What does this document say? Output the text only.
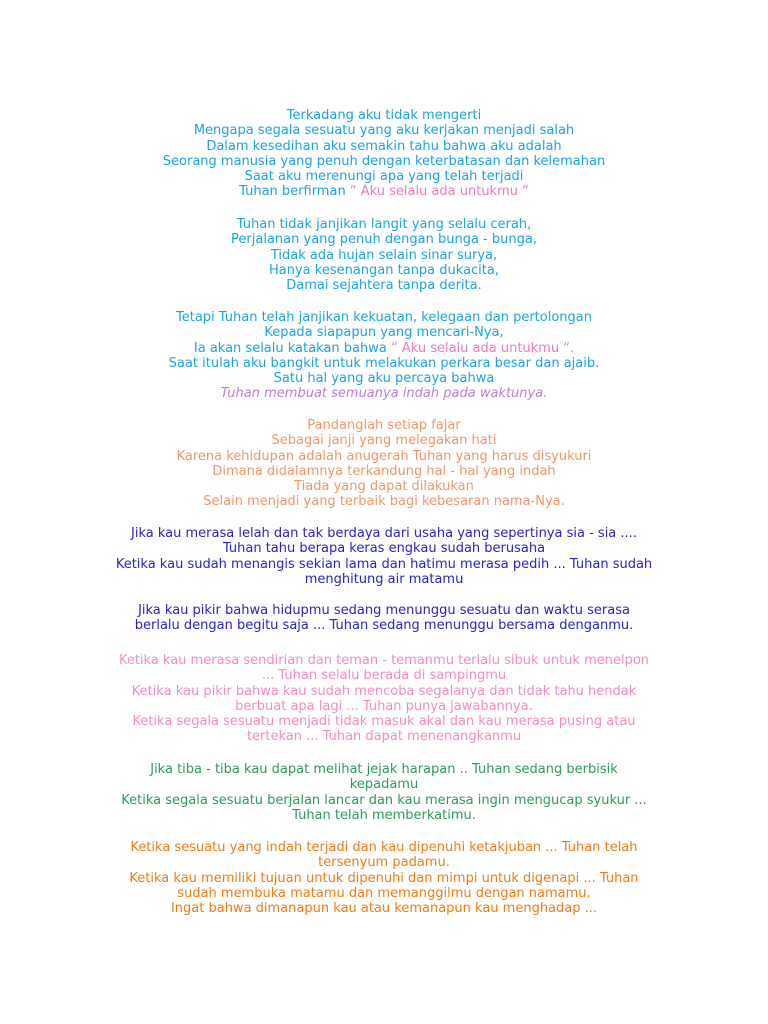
Terkadang aku tidak mengerti
Mengapa segala sesuatu yang aku kerjakan menjadi salah
Dalam kesedihan aku semakin tahu bahwa aku adalah
Seorang manusia yang penuh dengan keterbatasan dan kelemahan
Saat aku merenungi apa yang telah terjadi
Tuhan berfirman “ Aku selalu ada untukmu “
Tuhan tidak janjikan langit yang selalu cerah,
Perjalanan yang penuh dengan bunga - bunga,
Tidak ada hujan selain sinar surya,
Hanya kesenangan tanpa dukacita,
Damai sejahtera tanpa derita.
Tetapi Tuhan telah janjikan kekuatan, kelegaan dan pertolongan
Kepada siapapun yang mencari-Nya,
Ia akan selalu katakan bahwa “ Aku selalu ada untukmu “.
Saat itulah aku bangkit untuk melakukan perkara besar dan ajaib.
Satu hal yang aku percaya bahwa
Tuhan membuat semuanya indah pada waktunya.
Pandanglah setiap fajar
Sebagai janji yang melegakan hati
Karena kehidupan adalah anugerah Tuhan yang harus disyukuri
Dimana didalamnya terkandung hal - hal yang indah
Tiada yang dapat dilakukan
Selain menjadi yang terbaik bagi kebesaran nama-Nya.
Jika kau merasa lelah dan tak berdaya dari usaha yang sepertinya sia - sia ....
Tuhan tahu berapa keras engkau sudah berusaha
Ketika kau sudah menangis sekian lama dan hatimu merasa pedih ... Tuhan sudah
menghitung air matamu
Jika kau pikir bahwa hidupmu sedang menunggu sesuatu dan waktu serasa
berlalu dengan begitu saja ... Tuhan sedang menunggu bersama denganmu.
Ketika kau merasa sendirian dan teman - temanmu terlalu sibuk untuk menelpon
... Tuhan selalu berada di sampingmu
Ketika kau pikir bahwa kau sudah mencoba segalanya dan tidak tahu hendak
berbuat apa lagi ... Tuhan punya jawabannya.
Ketika segala sesuatu menjadi tidak masuk akal dan kau merasa pusing atau
tertekan ... Tuhan dapat menenangkanmu
Jika tiba - tiba kau dapat melihat jejak harapan .. Tuhan sedang berbisik
kepadamu
Ketika segala sesuatu berjalan lancar dan kau merasa ingin mengucap syukur ...
Tuhan telah memberkatimu.
Ketika sesuatu yang indah terjadi dan kau dipenuhi ketakjuban ... Tuhan telah
tersenyum padamu.
Ketika kau memiliki tujuan untuk dipenuhi dan mimpi untuk digenapi ... Tuhan
sudah membuka matamu dan memanggilmu dengan namamu.
Ingat bahwa dimanapun kau atau kemanapun kau menghadap ...
